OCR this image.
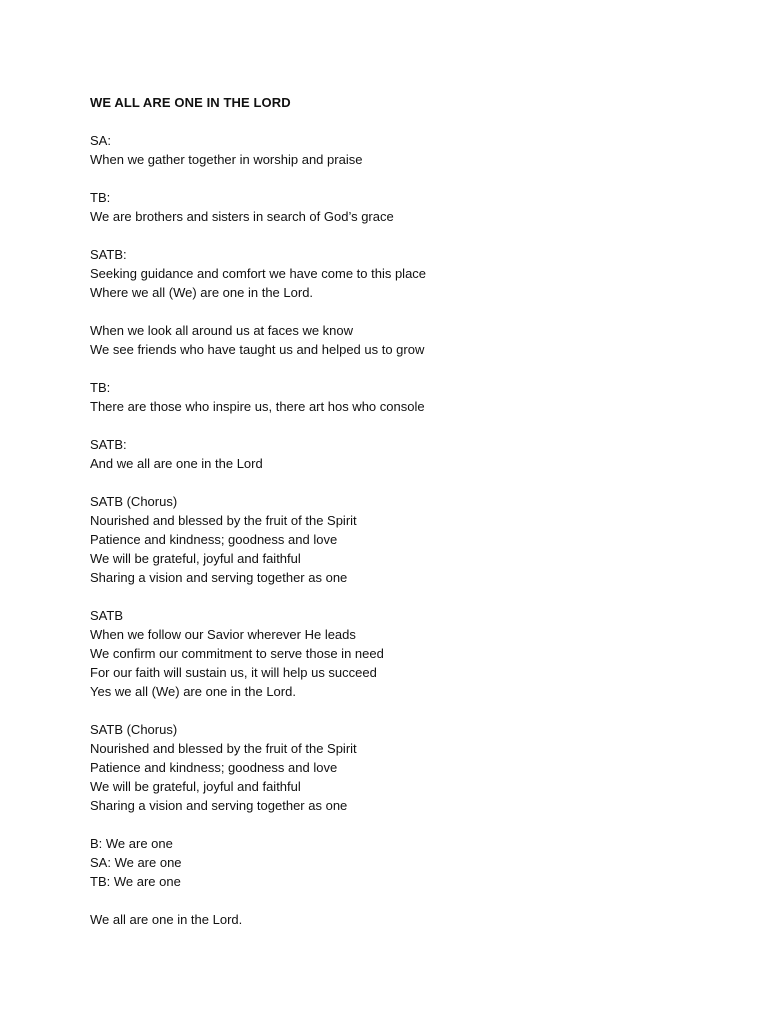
WE ALL ARE ONE IN THE LORD
SA:
When we gather together in worship and praise
TB:
We are brothers and sisters in search of God’s grace
SATB:
Seeking guidance and comfort we have come to this place
Where we all (We) are one in the Lord.
When we look all around us at faces we know
We see friends who have taught us and helped us to grow
TB:
There are those who inspire us, there art hos who console
SATB:
And we all are one in the Lord
SATB (Chorus)
Nourished and blessed by the fruit of the Spirit
Patience and kindness; goodness and love
We will be grateful, joyful and faithful
Sharing a vision and serving together as one
SATB
When we follow our Savior wherever He leads
We confirm our commitment to serve those in need
For our faith will sustain us, it will help us succeed
Yes we all (We) are one in the Lord.
SATB (Chorus)
Nourished and blessed by the fruit of the Spirit
Patience and kindness; goodness and love
We will be grateful, joyful and faithful
Sharing a vision and serving together as one
B: We are one
SA: We are one
TB: We are one
We all are one in the Lord.
